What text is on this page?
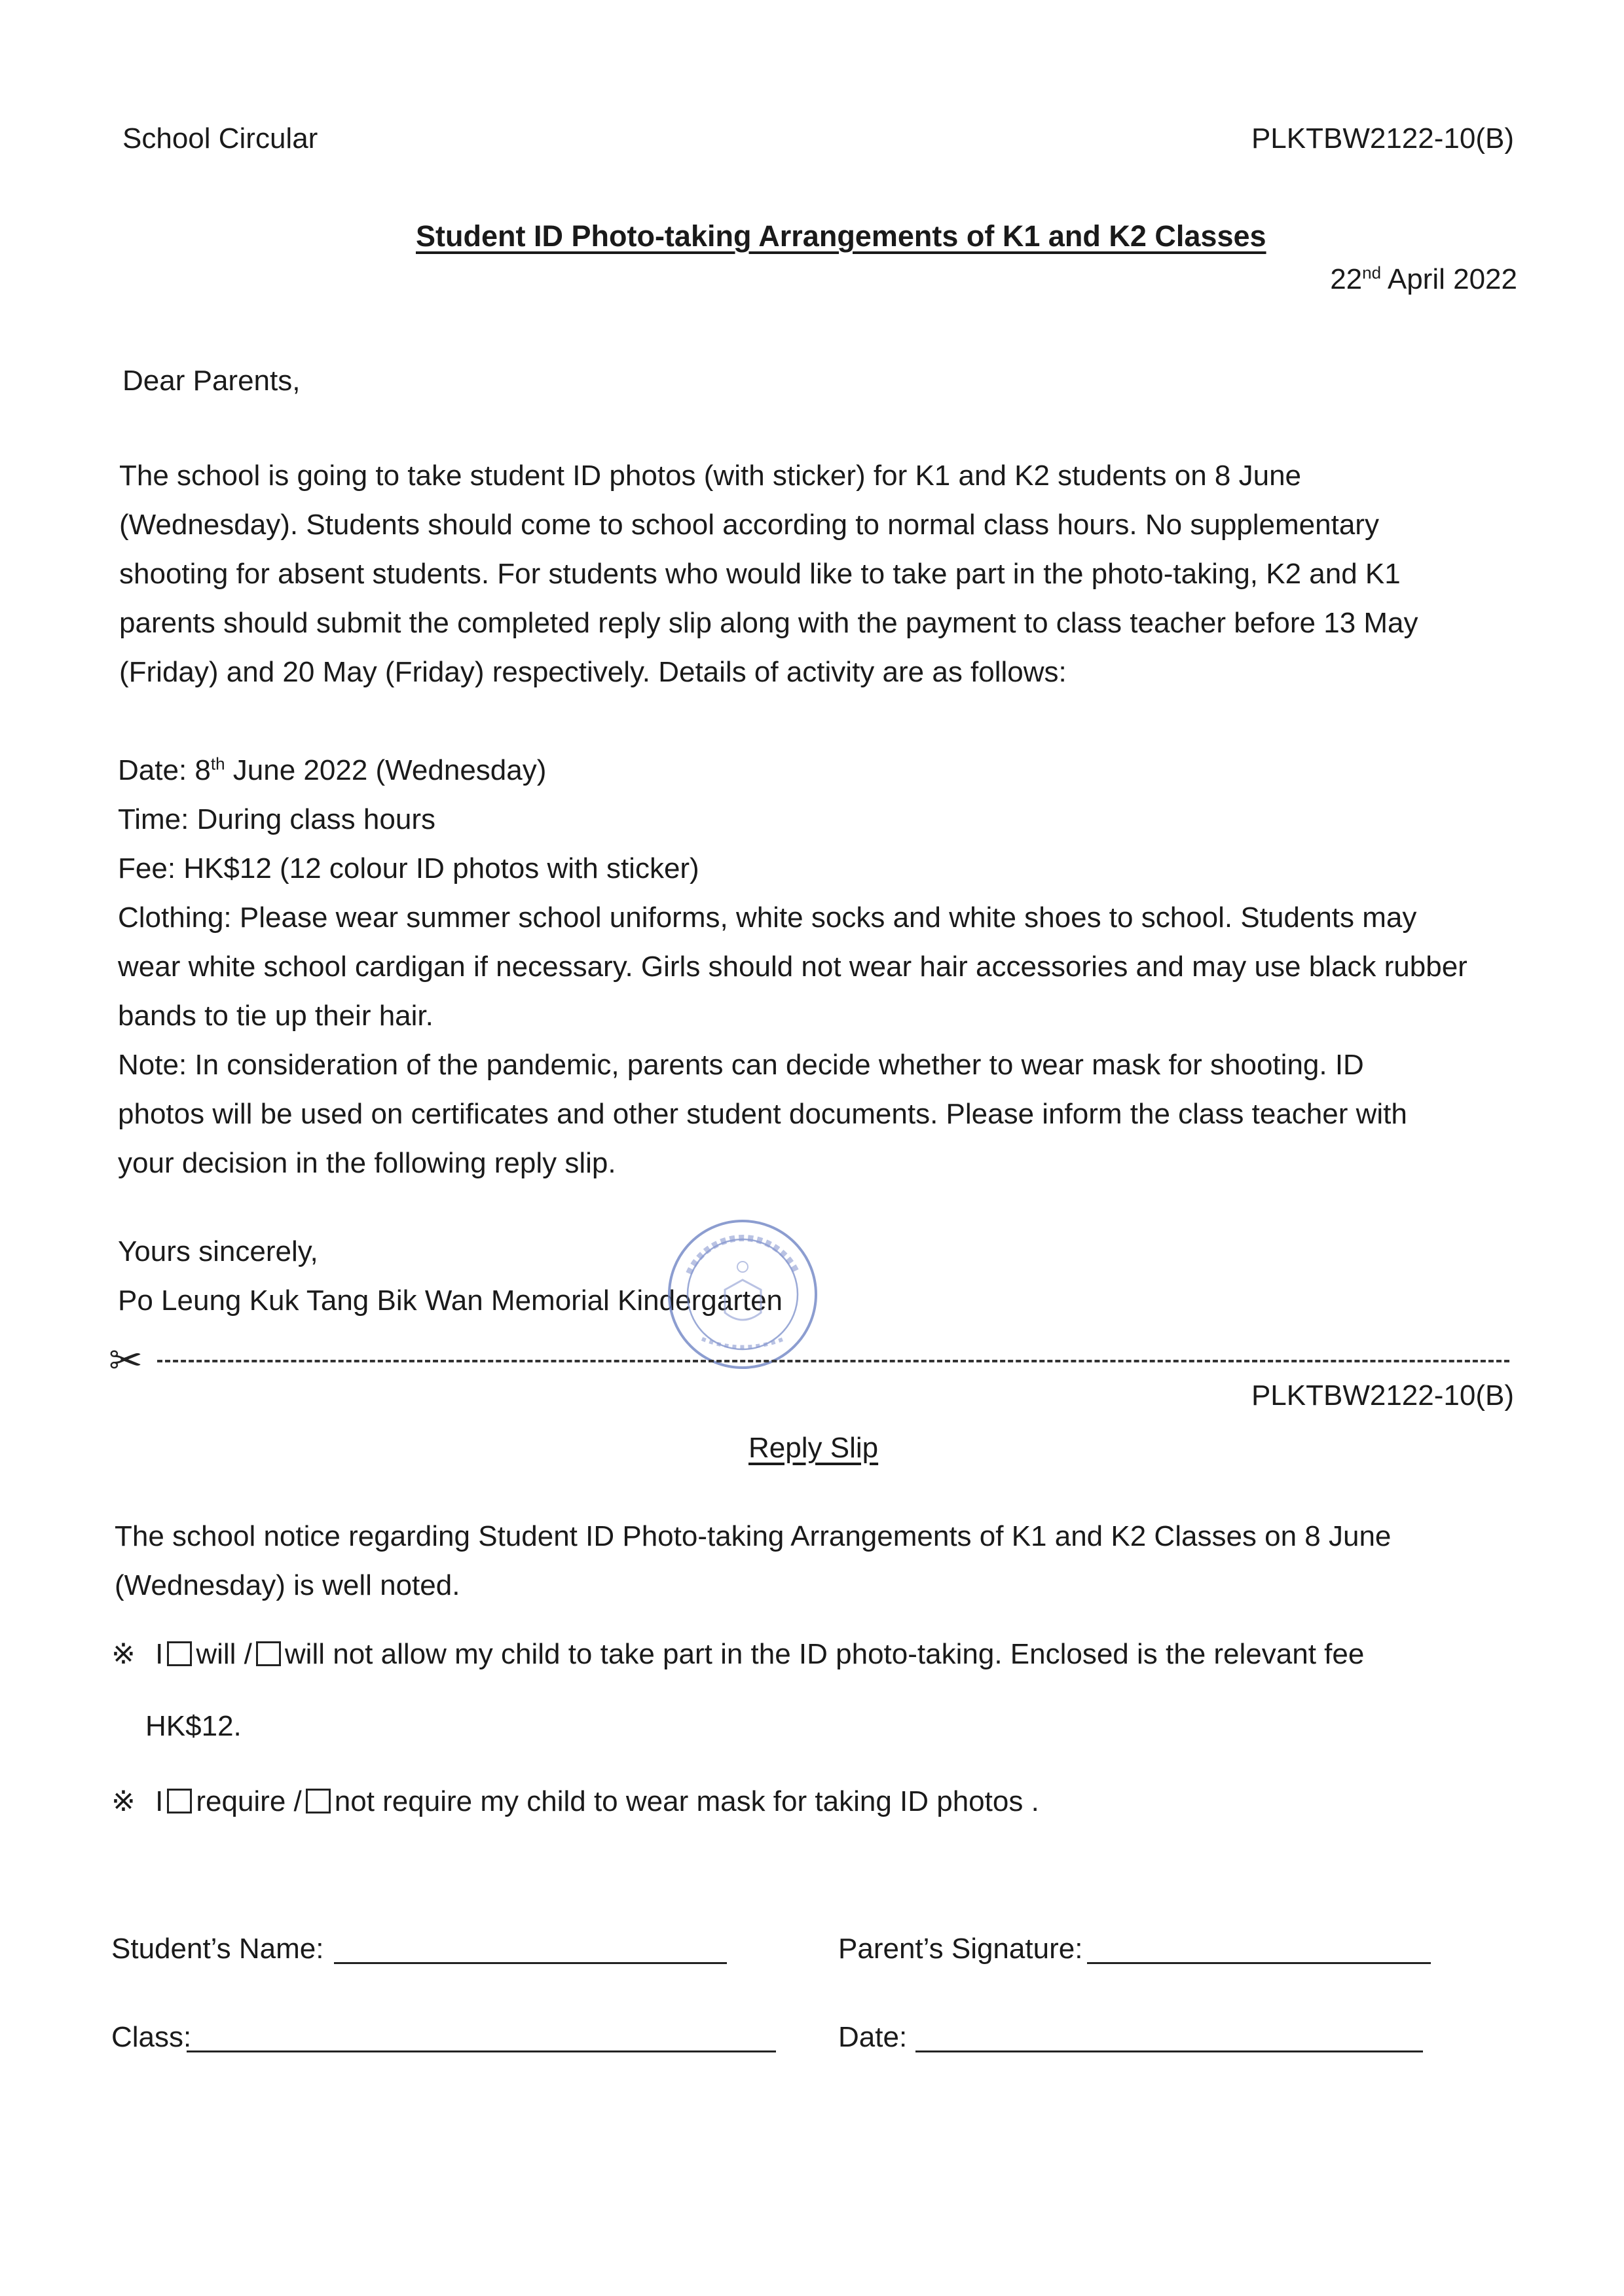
School Circular	PLKTBW2122-10(B)
Student ID Photo-taking Arrangements of K1 and K2 Classes
22nd April 2022
Dear Parents,
The school is going to take student ID photos (with sticker) for K1 and K2 students on 8 June
(Wednesday). Students should come to school according to normal class hours. No supplementary
shooting for absent students. For students who would like to take part in the photo-taking, K2 and K1
parents should submit the completed reply slip along with the payment to class teacher before 13 May
(Friday) and 20 May (Friday) respectively. Details of activity are as follows:
Date: 8th June 2022 (Wednesday)
Time: During class hours
Fee: HK$12 (12 colour ID photos with sticker)
Clothing: Please wear summer school uniforms, white socks and white shoes to school. Students may
wear white school cardigan if necessary. Girls should not wear hair accessories and may use black rubber
bands to tie up their hair.
Note: In consideration of the pandemic, parents can decide whether to wear mask for shooting. ID
photos will be used on certificates and other student documents. Please inform the class teacher with
your decision in the following reply slip.
Yours sincerely,
Po Leung Kuk Tang Bik Wan Memorial Kindergarten
✂
PLKTBW2122-10(B)
Reply Slip
The school notice regarding Student ID Photo-taking Arrangements of K1 and K2 Classes on 8 June
(Wednesday) is well noted.
※ I will / will not allow my child to take part in the ID photo-taking. Enclosed is the relevant fee
HK$12.
※ I require / not require my child to wear mask for taking ID photos .
Student’s Name:	Parent’s Signature:
Class:	Date:
